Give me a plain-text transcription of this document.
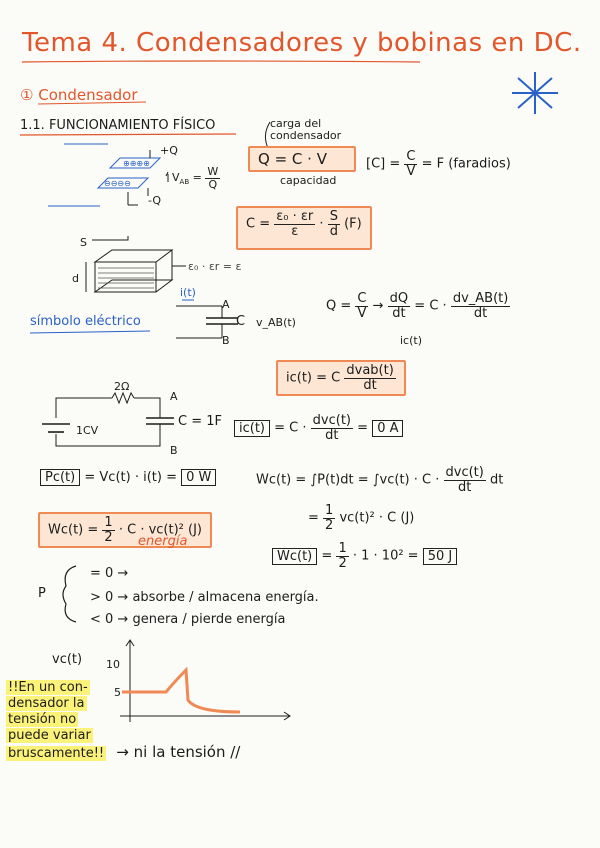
Tema 4. Condensadores y bobinas en DC.
① Condensador
1.1. FUNCIONAMIENTO FÍSICO
⊕⊕⊕⊕
⊖⊖⊖⊖
+Q
-Q
$V_{AB} = \frac{W}{Q}$
carga del condensador
Q = C · V
capacidad
$[C] = \frac{C}{V} = F$ (faradios)
$C = \frac{\text{ε₀ · εr}}{\varepsilon} \cdot \frac{S}{d} (F)$
S
d
ε₀ · εr = ε
i(t)
A
B
C v_AB(t)
símbolo eléctrico
$Q = \frac{C}{V} \to \frac{dQ}{dt} = C \cdot \frac{dv\_AB(t)}{dt}$
ic(t)
ic(t) = C $\frac{\text{dvab(t)}}{dt}$
2Ω
1CV
A
B
C = 1F	$ic(t) = C \cdot \frac{\text{dvc(t)}}{dt} = 0$ A
Pc(t) = Vc(t) · i(t) = 0 W	$Wc(t) = \int P(t)dt = \int vc(t) \cdot C \cdot \frac{\text{dvc(t)}}{dt}$ dt
= $\frac{1}{2} vc(t)^2 \cdot C$ (J)
$Wc(t) = \frac{1}{2} \cdot C \cdot vc(t)^2$ (J)
energía
$Wc(t) = \frac{1}{2} \cdot 1 \cdot 10^2 = 50$ J
P
= 0 →
> 0 → absorbe / almacena energía.
< 0 → genera / pierde energía
vc(t) 10
5
!!En un con-
densador la
tensión no
puede variar
bruscamente!! → ni la tensión //
